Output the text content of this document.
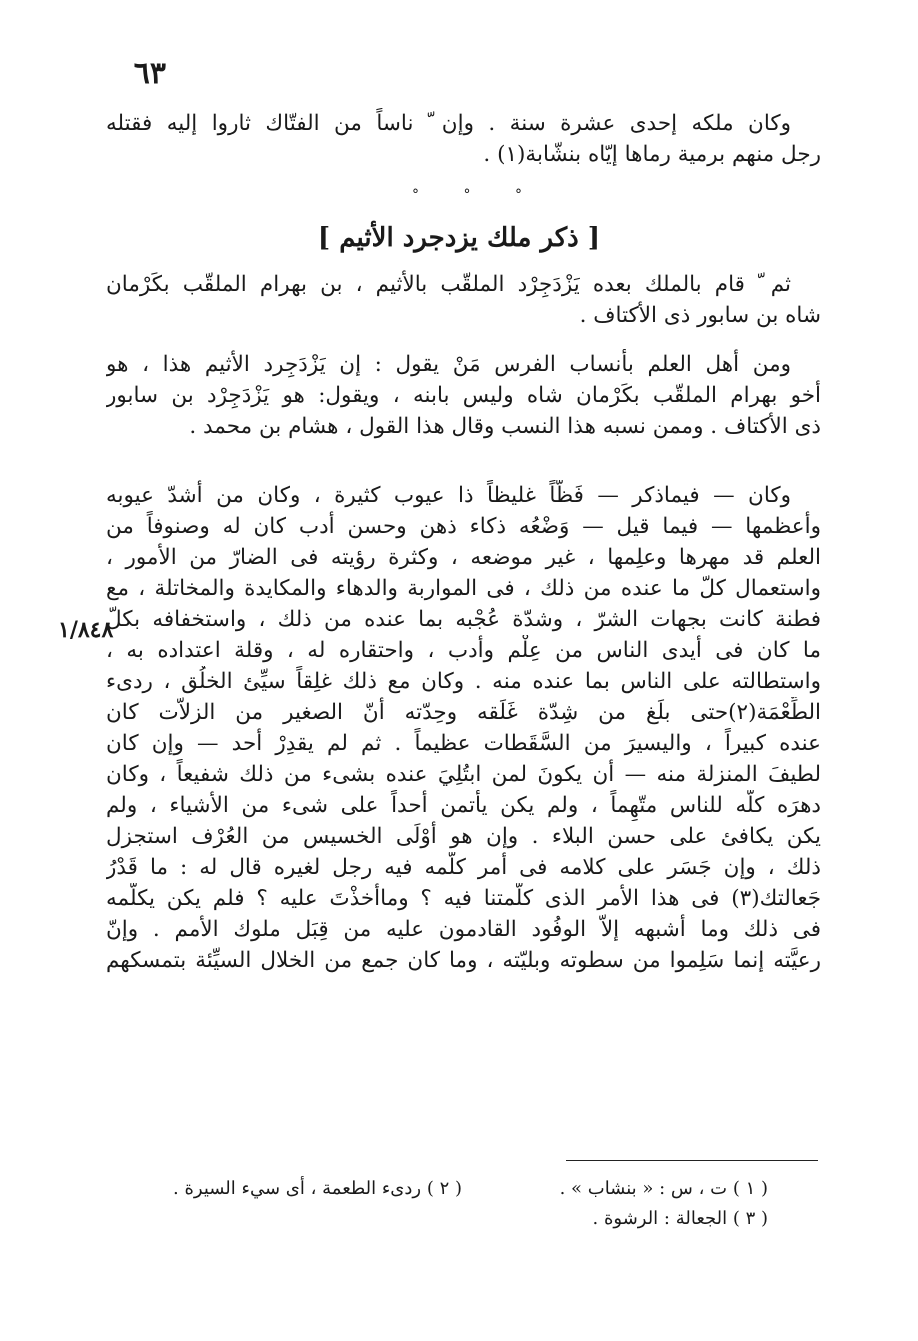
٦٣
وكان ملكه إحدى عشرة سنة . وإن ّ ناساً من الفتّاك ثاروا إليه فقتله
رجل منهم برمية رماها إيّاه بنشّابة(١) .
°	°	°
[ ذكر ملك يزدجرد الأثيم ]
ثم ّ قام بالملك بعده يَزْدَجِرْد الملقّب بالأثيم ، بن بهرام الملقّب بكَرْمان
شاه بن سابور ذى الأكتاف .
ومن أهل العلم بأنساب الفرس مَنْ يقول : إن يَزْدَجِرد الأثيم هذا ، هو
أخو بهرام الملقّب بكَرْمان شاه وليس بابنه ، ويقول: هو يَزْدَجِرْد بن سابور
ذى الأكتاف . وممن نسبه هذا النسب وقال هذا القول ، هشام بن محمد .
وكان — فيماذكر — فَظّاً غليظاً ذا عيوب كثيرة ، وكان من أشدّ عيوبه
وأعظمها — فيما قيل — وَضْعُه ذكاء ذهن وحسن أدب كان له وصنوفاً من
العلم قد مهرها وعلِمها ، غير موضعه ، وكثرة رؤيته فى الضارّ من الأمور ،
واستعمال كلّ ما عنده من ذلك ، فى المواربة والدهاء والمكايدة والمخاتلة ، مع
فطنة كانت بجهات الشرّ ، وشدّة عُجْبه بما عنده من ذلك ، واستخفافه بكلّ
ما كان فى أيدى الناس من عِلْم وأدب ، واحتقاره له ، وقلة اعتداده به ،
واستطالته على الناس بما عنده منه . وكان مع ذلك غلِقاً سيِّئ الخلُق ، ردىء
الطِّعْمَة(٢)حتى بلَغ من شِدّة غَلَقه وحِدّته أنّ الصغير من الزلاّت كان
عنده كبيراً ، واليسيرَ من السَّقَطات عظيماً . ثم لم يقدِرْ أحد — وإن كان
لطيفَ المنزلة منه — أن يكونَ لمن ابتُلِيَ عنده بشىء من ذلك شفيعاً ، وكان
دهرَه كلَّه للناس متّهِماً ، ولم يكن يأتمن أحداً على شىء من الأشياء ، ولم
يكن يكافئ على حسن البلاء . وإن هو أوْلَى الخسيس من العُرْف استجزل
ذلك ، وإن جَسَر على كلامه فى أمر كلّمه فيه رجل لغيره قال له : ما قَدْرُ
جَعالتك(٣) فى هذا الأمر الذى كلّمتنا فيه ؟ وماأخذْتَ عليه ؟ فلم يكن يكلّمه
فى ذلك وما أشبهه إلاّ الوفُود القادمون عليه من قِبَل ملوك الأمم . وإنّ
رعيَّته إنما سَلِموا من سطوته وبليّته ، وما كان جمع من الخلال السيِّئة بتمسكهم
١/٨٤٨
( ١ ) ت ، س : « بنشاب » .
( ٢ ) ردىء الطعمة ، أى سيء السيرة .
( ٣ ) الجعالة : الرشوة .
